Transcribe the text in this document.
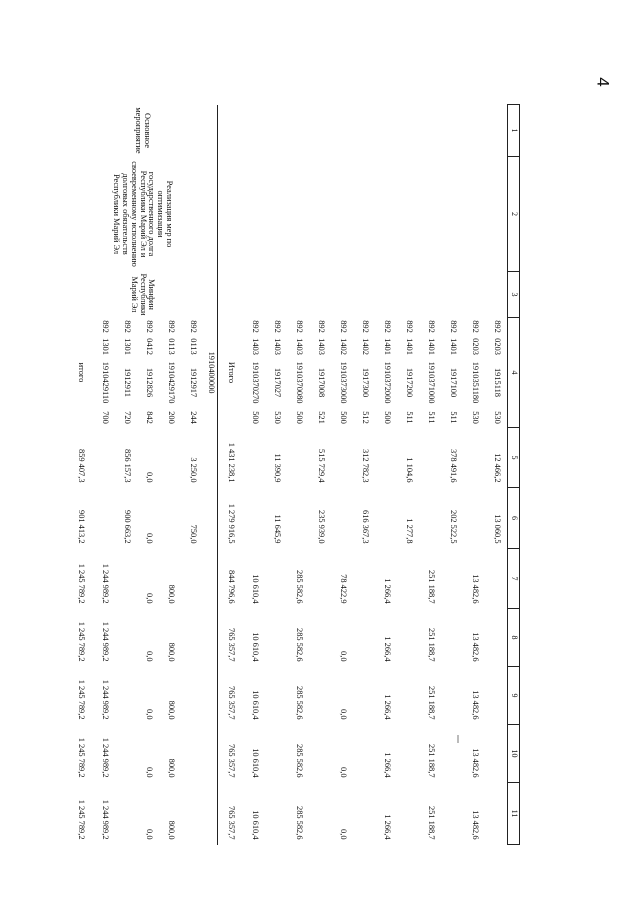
4
1	2	3	4				5	6	7	8	9	10	11
			892	0203	1915118	530	12 466,2	13 060,5					
			892	0203	1910351180	530			13 482,6	13 482,6	13 482,6	13 482,6	13 482,6
			892	1401	1917100	511	378 491,6	202 522,5					
			892	1401	1910371000	511			251 188,7	251 188,7	251 188,7	251 188,7	251 188,7
			892	1401	1917200	511	1 104,6	1 277,8					
			892	1401	1910372000	500			1 266,4	1 266,4	1 266,4	1 266,4	1 266,4
			892	1402	1917300	512	312 782,3	616 367,3					
			892	1402	1910373000	500			78 422,9	0,0	0,0	0,0	0,0
			892	1403	1917008	521	515 729,4	235 939,0					
			892	1403	1910370080	500			285 582,6	285 582,6	285 582,6	285 582,6	285 582,6
			892	1403	1917027	530	11 390,9	11 645,9					
			892	1403	1910370270	500			10 610,4	10 610,4	10 610,4	10 610,4	10 610,4
			Итого				1 431 238,1	1 279 916,5	844 796,6	765 357,7	765 357,7	765 357,7	765 357,7
Основное мероприятие	Реализация мер по оптимизации государственного долга Республики Марий Эл и своевременному исполнению долговых обязательств Республики Марий Эл	Минфин Республики Марий Эл	1910400000										
			892	0113	1912917	244	3 250,0	750,0					
			892	0113	1910429170	200			800,0	800,0	800,0	800,0	800,0
			892	0412	1912826	842	0,0	0,0	0,0	0,0	0,0	0,0	0,0
			892	1301	1912911	720	856 157,3	900 663,2					
			892	1301	1910429110	700			1 244 989,2	1 244 989,2	1 244 989,2	1 244 989,2	1 244 989,2
			итого				859 407,3	901 413,2	1 245 789,2	1 245 789,2	1 245 789,2	1 245 789,2	1 245 789,2
